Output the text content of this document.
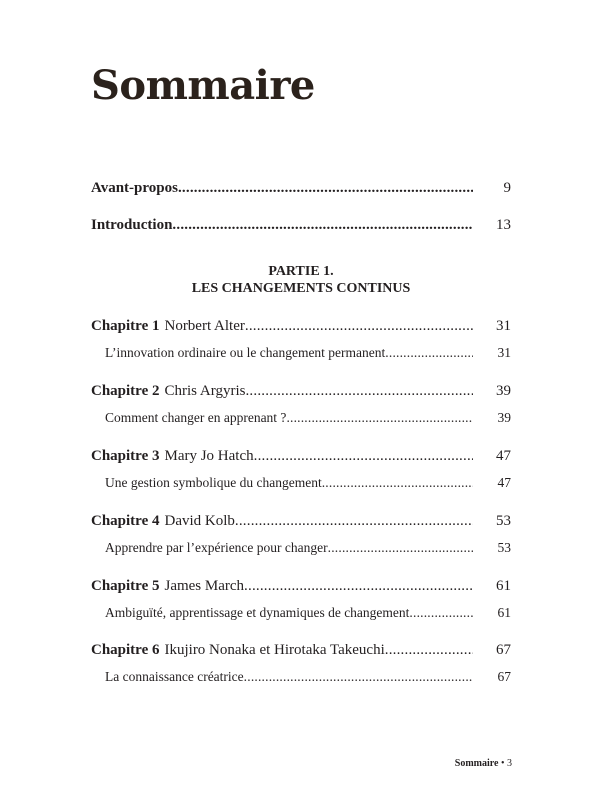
Sommaire
Avant-propos .....	9
Introduction .....	13
PARTIE 1.
LES CHANGEMENTS CONTINUS
Chapitre 1 Norbert Alter .....	31
L’innovation ordinaire ou le changement permanent .....	31
Chapitre 2 Chris Argyris .....	39
Comment changer en apprenant ? .....	39
Chapitre 3 Mary Jo Hatch .....	47
Une gestion symbolique du changement .....	47
Chapitre 4 David Kolb .....	53
Apprendre par l’expérience pour changer .....	53
Chapitre 5 James March .....	61
Ambiguïté, apprentissage et dynamiques de changement .....	61
Chapitre 6 Ikujiro Nonaka et Hirotaka Takeuchi .....	67
La connaissance créatrice .....	67
Sommaire • 3
